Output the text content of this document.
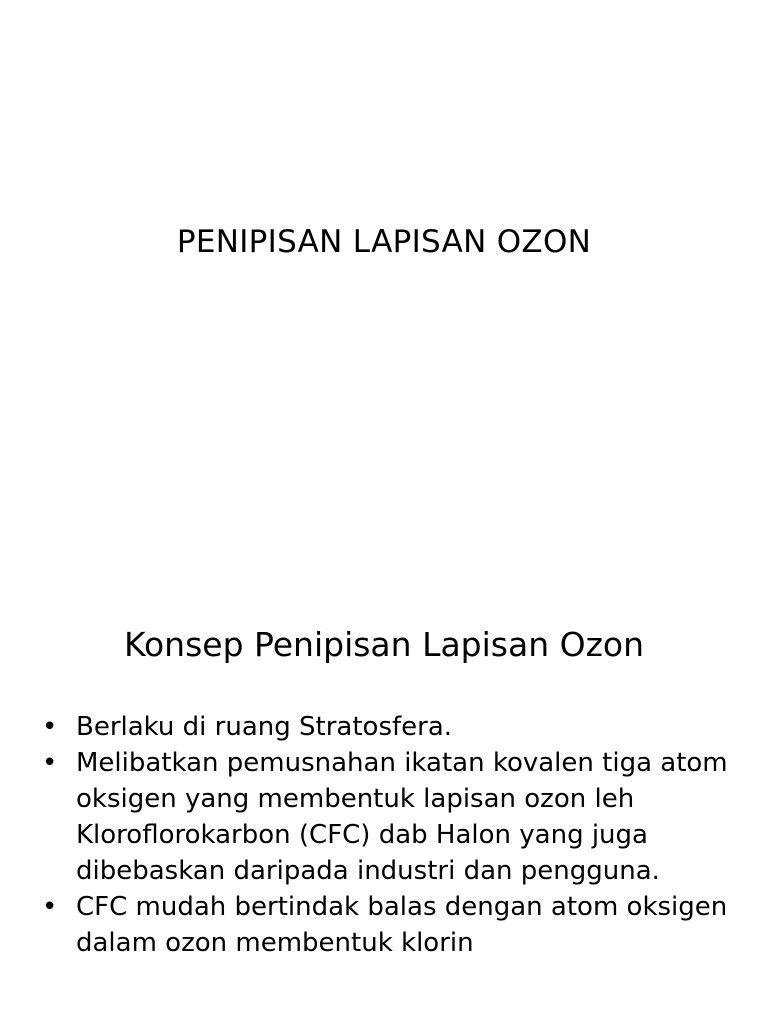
PENIPISAN LAPISAN OZON
Konsep Penipisan Lapisan Ozon
• Berlaku di ruang Stratosfera.
• Melibatkan pemusnahan ikatan kovalen tiga atom oksigen yang membentuk lapisan ozon leh Kloroflorokarbon (CFC) dab Halon yang juga dibebaskan daripada industri dan pengguna.
• CFC mudah bertindak balas dengan atom oksigen dalam ozon membentuk klorin
